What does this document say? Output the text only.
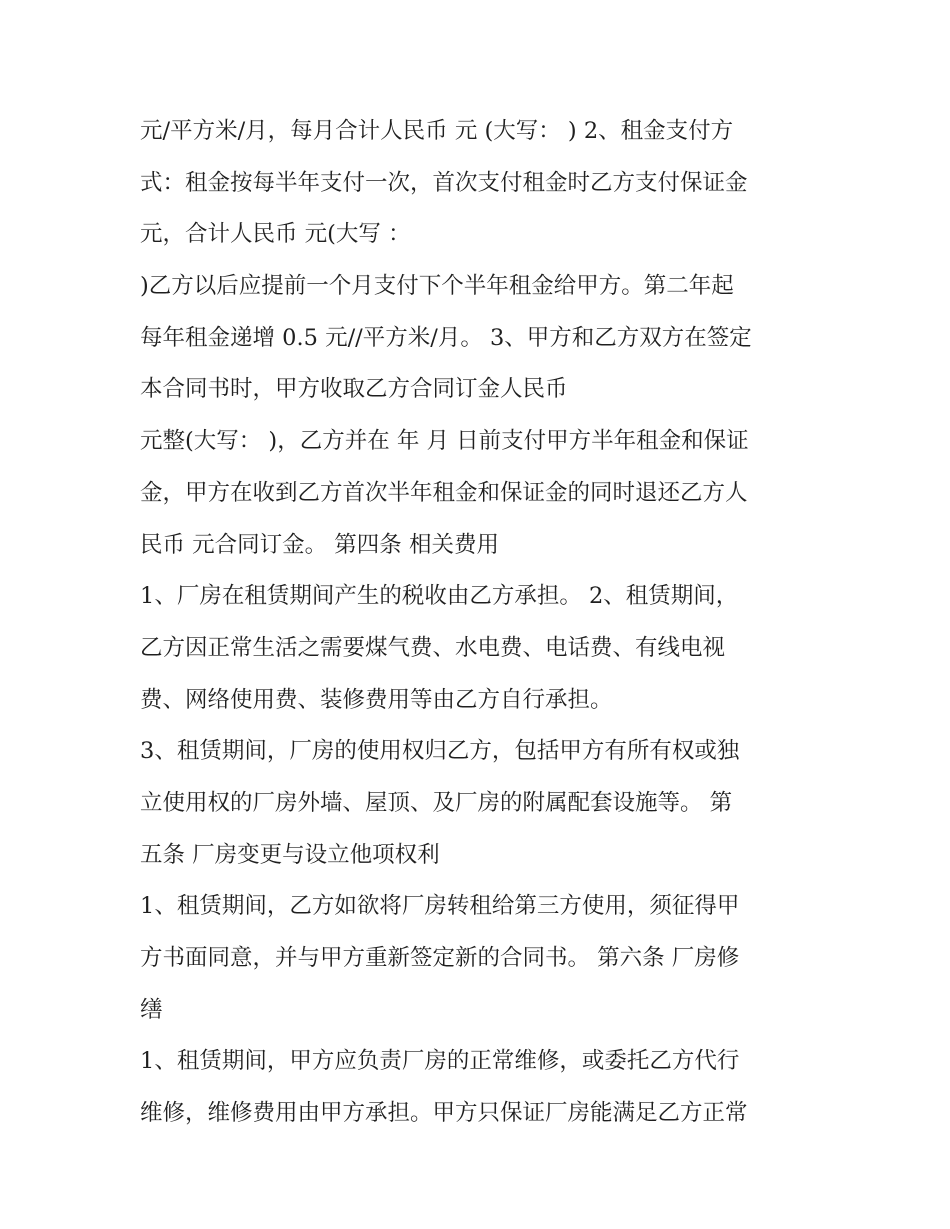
元/平方米/月，每月合计人民币 元 (大写： ) 2、租金支付方
式：租金按每半年支付一次，首次支付租金时乙方支付保证金
元，合计人民币 元(大写 ：
)乙方以后应提前一个月支付下个半年租金给甲方。第二年起
每年租金递增 0.5 元//平方米/月。 3、甲方和乙方双方在签定
本合同书时，甲方收取乙方合同订金人民币
元整(大写： )，乙方并在 年 月 日前支付甲方半年租金和保证
金，甲方在收到乙方首次半年租金和保证金的同时退还乙方人
民币 元合同订金。 第四条 相关费用
1、厂房在租赁期间产生的税收由乙方承担。 2、租赁期间，
乙方因正常生活之需要煤气费、水电费、电话费、有线电视
费、网络使用费、装修费用等由乙方自行承担。
3、租赁期间，厂房的使用权归乙方，包括甲方有所有权或独
立使用权的厂房外墙、屋顶、及厂房的附属配套设施等。 第
五条 厂房变更与设立他项权利
1、租赁期间，乙方如欲将厂房转租给第三方使用，须征得甲
方书面同意，并与甲方重新签定新的合同书。 第六条 厂房修
缮
1、租赁期间，甲方应负责厂房的正常维修，或委托乙方代行
维修，维修费用由甲方承担。甲方只保证厂房能满足乙方正常
